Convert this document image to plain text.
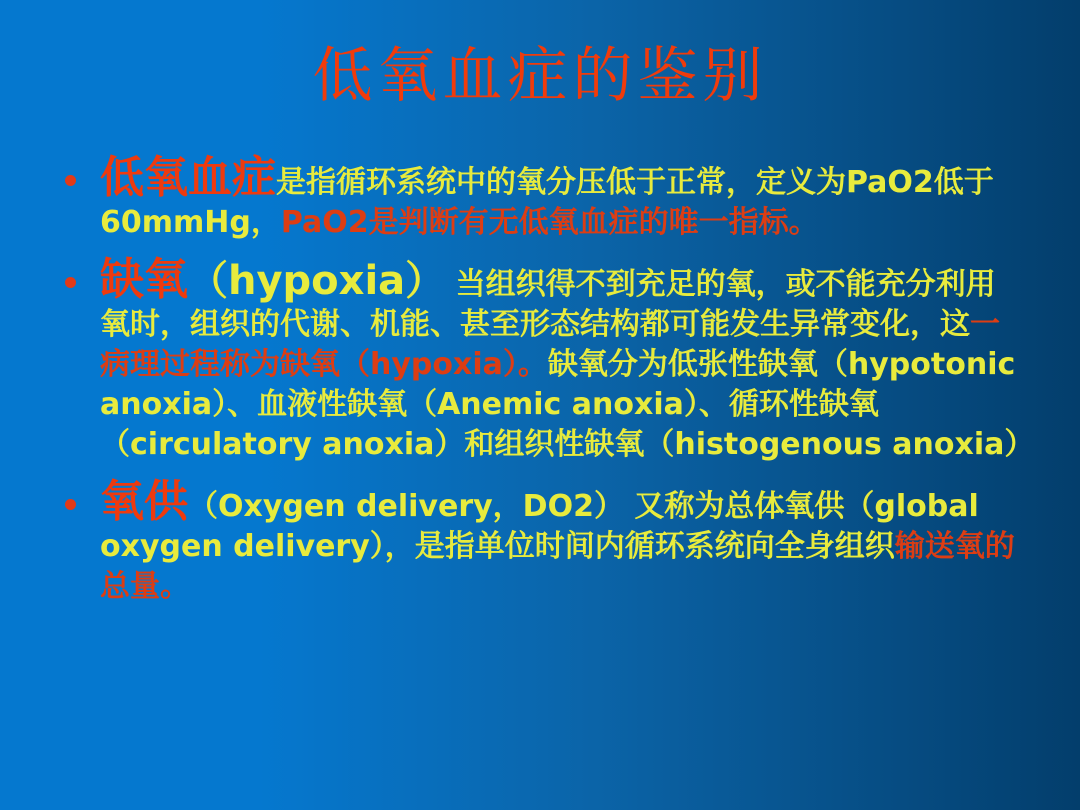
低氧血症的鉴别
低氧血症是指循环系统中的氧分压低于正常，定义为PaO2低于60mmHg，PaO2是判断有无低氧血症的唯一指标。
缺氧（hypoxia） 当组织得不到充足的氧，或不能充分利用氧时，组织的代谢、机能、甚至形态结构都可能发生异常变化，这一病理过程称为缺氧（hypoxia）。缺氧分为低张性缺氧（hypotonic anoxia）、血液性缺氧（Anemic anoxia）、循环性缺氧（circulatory anoxia）和组织性缺氧（histogenous anoxia）
氧供（Oxygen delivery，DO2） 又称为总体氧供（global oxygen delivery），是指单位时间内循环系统向全身组织输送氧的总量。
